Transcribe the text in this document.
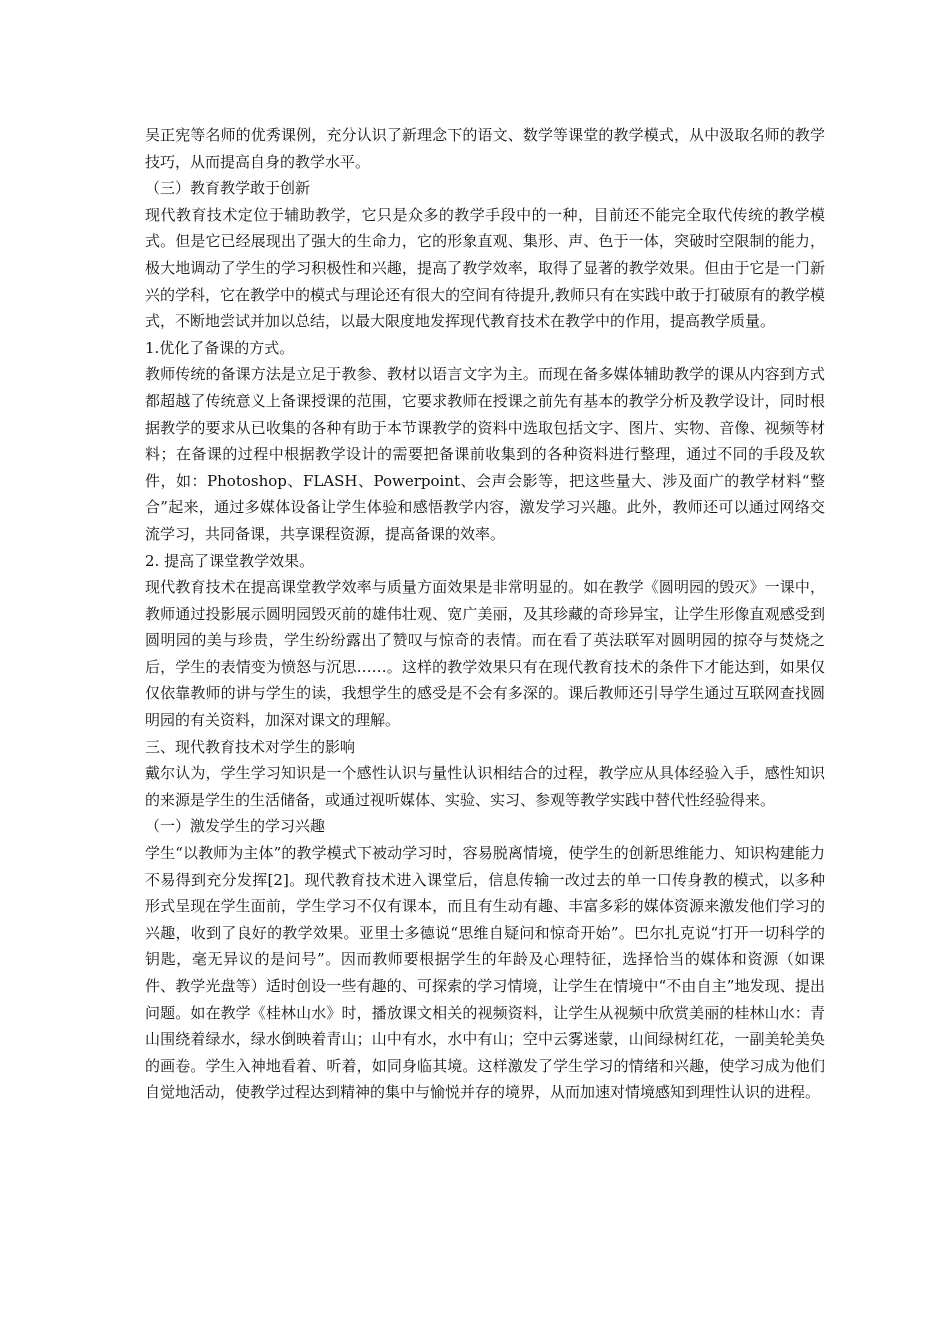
吴正宪等名师的优秀课例，充分认识了新理念下的语文、数学等课堂的教学模式，从中汲取名师的教学技巧，从而提高自身的教学水平。

（三）教育教学敢于创新

现代教育技术定位于辅助教学，它只是众多的教学手段中的一种，目前还不能完全取代传统的教学模式。但是它已经展现出了强大的生命力，它的形象直观、集形、声、色于一体，突破时空限制的能力，极大地调动了学生的学习积极性和兴趣，提高了教学效率，取得了显著的教学效果。但由于它是一门新兴的学科，它在教学中的模式与理论还有很大的空间有待提升,教师只有在实践中敢于打破原有的教学模式，不断地尝试并加以总结，以最大限度地发挥现代教育技术在教学中的作用，提高教学质量。

1.优化了备课的方式。

教师传统的备课方法是立足于教参、教材以语言文字为主。而现在备多媒体辅助教学的课从内容到方式都超越了传统意义上备课授课的范围，它要求教师在授课之前先有基本的教学分析及教学设计，同时根据教学的要求从已收集的各种有助于本节课教学的资料中选取包括文字、图片、实物、音像、视频等材料；在备课的过程中根据教学设计的需要把备课前收集到的各种资料进行整理，通过不同的手段及软件，如：Photoshop、FLASH、Powerpoint、会声会影等，把这些量大、涉及面广的教学材料“整合”起来，通过多媒体设备让学生体验和感悟教学内容，激发学习兴趣。此外，教师还可以通过网络交流学习，共同备课，共享课程资源，提高备课的效率。

2. 提高了课堂教学效果。

现代教育技术在提高课堂教学效率与质量方面效果是非常明显的。如在教学《圆明园的毁灭》一课中，教师通过投影展示圆明园毁灭前的雄伟壮观、宽广美丽，及其珍藏的奇珍异宝，让学生形像直观感受到圆明园的美与珍贵，学生纷纷露出了赞叹与惊奇的表情。而在看了英法联军对圆明园的掠夺与焚烧之后，学生的表情变为愤怒与沉思……。这样的教学效果只有在现代教育技术的条件下才能达到，如果仅仅依靠教师的讲与学生的读，我想学生的感受是不会有多深的。课后教师还引导学生通过互联网查找圆明园的有关资料，加深对课文的理解。

三、现代教育技术对学生的影响

戴尔认为，学生学习知识是一个感性认识与量性认识相结合的过程，教学应从具体经验入手，感性知识的来源是学生的生活储备，或通过视听媒体、实验、实习、参观等教学实践中替代性经验得来。

（一）激发学生的学习兴趣

学生“以教师为主体”的教学模式下被动学习时，容易脱离情境，使学生的创新思维能力、知识构建能力不易得到充分发挥[2]。现代教育技术进入课堂后，信息传输一改过去的单一口传身教的模式，以多种形式呈现在学生面前，学生学习不仅有课本，而且有生动有趣、丰富多彩的媒体资源来激发他们学习的兴趣，收到了良好的教学效果。亚里士多德说“思维自疑问和惊奇开始”。巴尔扎克说“打开一切科学的钥匙，毫无异议的是问号”。因而教师要根据学生的年龄及心理特征，选择恰当的媒体和资源（如课件、教学光盘等）适时创设一些有趣的、可探索的学习情境，让学生在情境中“不由自主”地发现、提出问题。如在教学《桂林山水》时，播放课文相关的视频资料，让学生从视频中欣赏美丽的桂林山水：青山围绕着绿水，绿水倒映着青山；山中有水，水中有山；空中云雾迷蒙，山间绿树红花，一副美轮美奂的画卷。学生入神地看着、听着，如同身临其境。这样激发了学生学习的情绪和兴趣，使学习成为他们自觉地活动，使教学过程达到精神的集中与愉悦并存的境界，从而加速对情境感知到理性认识的进程。
